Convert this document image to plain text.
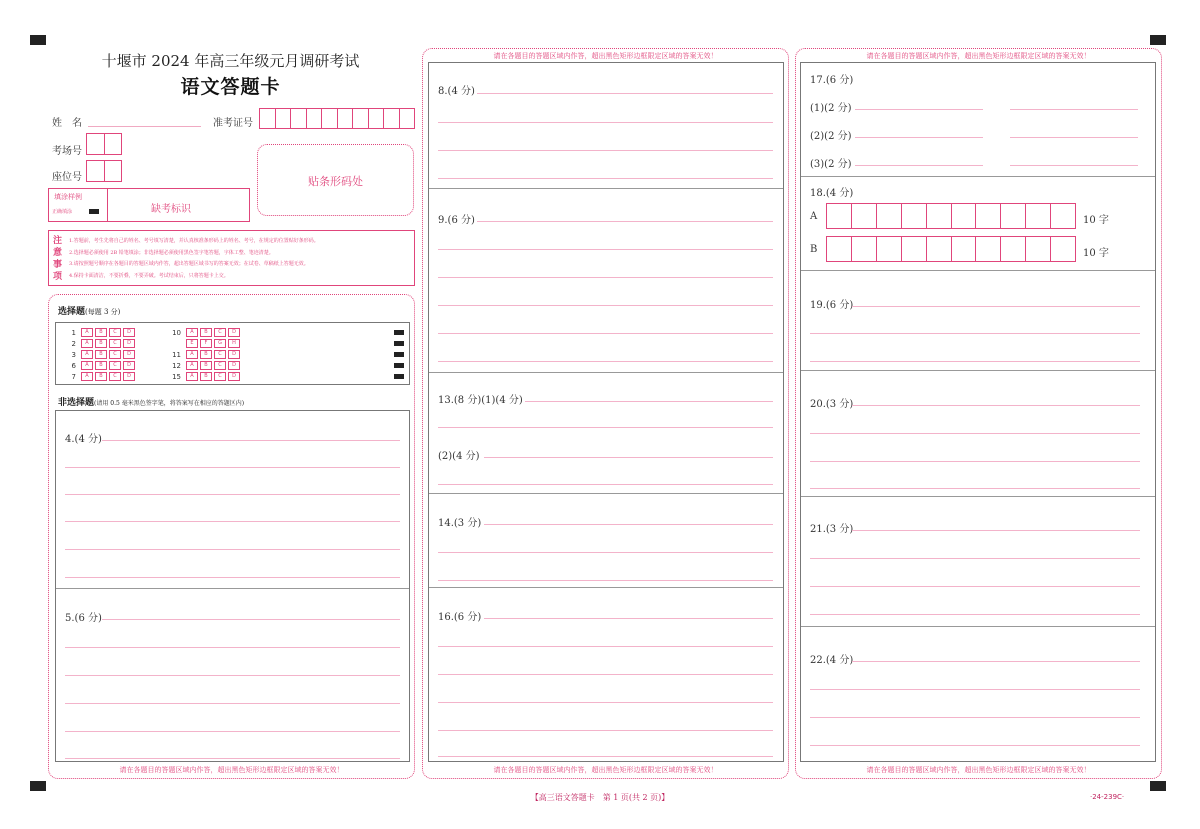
十堰市 2024 年高三年级元月调研考试
语文答题卡
姓　名	准考证号
考场号
座位号	贴条形码处
填涂样例
正确填涂	缺考标识
注
意
事
项
1.答题前，考生先将自己的姓名、考号填写清楚，并认真核准条形码上的姓名、考号，在规定的位置贴好条形码。
2.选择题必须使用 2B 铅笔填涂；非选择题必须使用黑色签字笔答题，字体工整、笔迹清楚。
3.请按照题号顺序在各题目的答题区域内作答，超出答题区域书写的答案无效；在试卷、草稿纸上答题无效。
4.保持卡面清洁，不要折叠，不要弄破。考试结束后，只将答题卡上交。
选择题(每题 3 分)
1 A B C D
2 A B C D
3 A B C D
6 A B C D
7 A B C D
10 A B C D
E F G H
11 A B C D
12 A B C D
15 A B C D
非选择题(请用 0.5 毫米黑色签字笔，将答案写在相应的答题区内)
4.(4 分)
5.(6 分)
请在各题目的答题区域内作答，超出黑色矩形边框限定区域的答案无效！
请在各题目的答题区域内作答，超出黑色矩形边框限定区域的答案无效！
8.(4 分)
9.(6 分)
13.(8 分)(1)(4 分)
(2)(4 分)
14.(3 分)
16.(6 分)
请在各题目的答题区域内作答，超出黑色矩形边框限定区域的答案无效！
请在各题目的答题区域内作答，超出黑色矩形边框限定区域的答案无效！
17.(6 分)
(1)(2 分)
(2)(2 分)
(3)(2 分)
18.(4 分)
A	10 字
B	10 字
19.(6 分)
20.(3 分)
21.(3 分)
22.(4 分)
请在各题目的答题区域内作答，超出黑色矩形边框限定区域的答案无效！
【高三语文答题卡　第 1 页(共 2 页)】	·24-239C·
